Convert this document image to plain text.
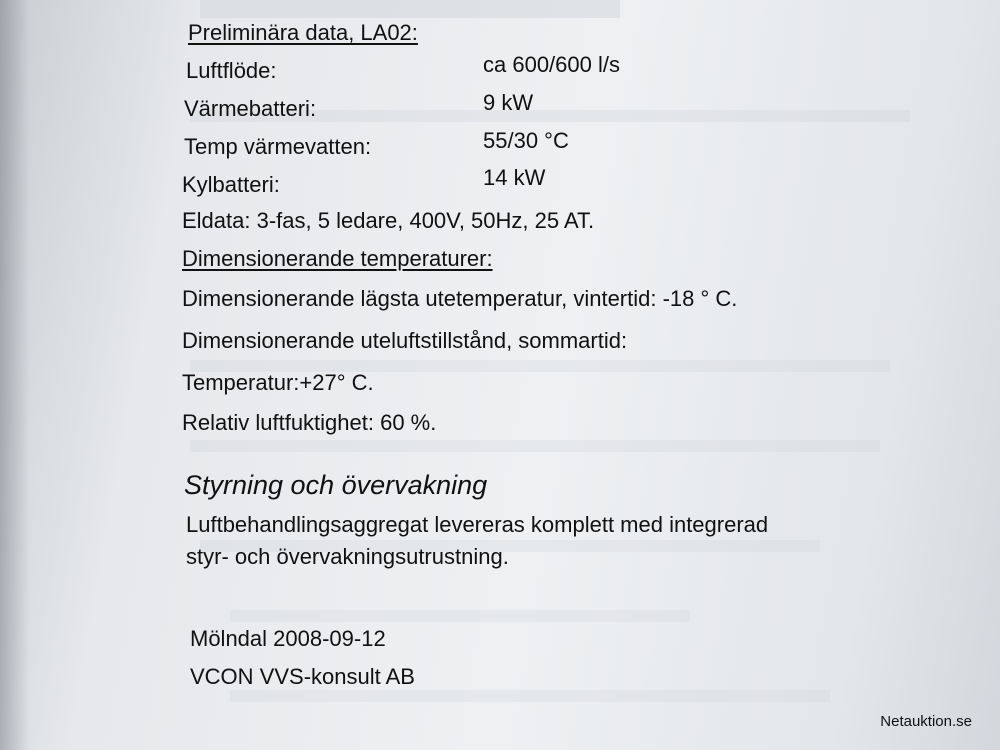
Preliminära data, LA02:
Luftflöde:	ca 600/600 l/s
Värmebatteri:	9 kW
Temp värmevatten:	55/30 °C
Kylbatteri:	14 kW
Eldata: 3-fas, 5 ledare, 400V, 50Hz, 25 AT.
Dimensionerande temperaturer:
Dimensionerande lägsta utetemperatur, vintertid: -18 ° C.
Dimensionerande uteluftstillstånd, sommartid:
Temperatur:+27° C.
Relativ luftfuktighet: 60 %.
Styrning och övervakning
Luftbehandlingsaggregat levereras komplett med integrerad
styr- och övervakningsutrustning.
Mölndal 2008-09-12
VCON VVS-konsult AB
Netauktion.se
